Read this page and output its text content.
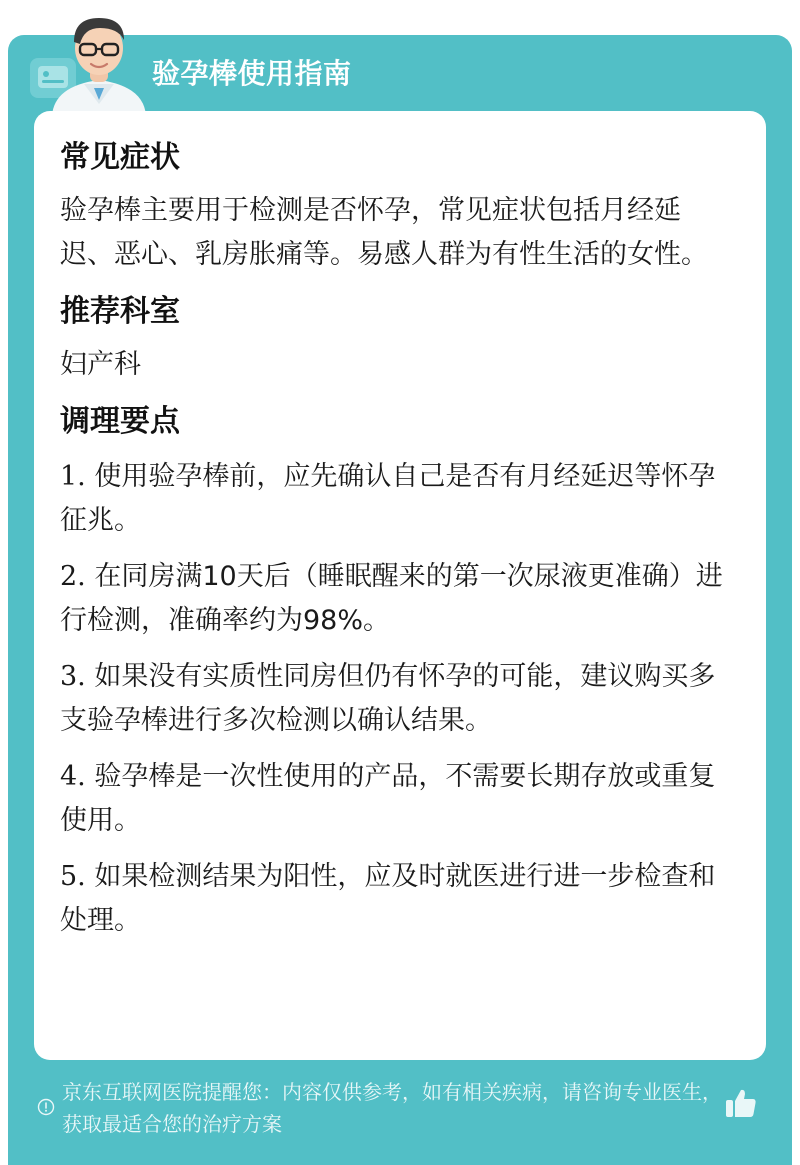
验孕棒使用指南
常见症状

验孕棒主要用于检测是否怀孕，常见症状包括月经延迟、恶心、乳房胀痛等。易感人群为有性生活的女性。

推荐科室

妇产科

调理要点

1. 使用验孕棒前，应先确认自己是否有月经延迟等怀孕征兆。

2. 在同房满10天后（睡眠醒来的第一次尿液更准确）进行检测，准确率约为98%。

3. 如果没有实质性同房但仍有怀孕的可能，建议购买多支验孕棒进行多次检测以确认结果。

4. 验孕棒是一次性使用的产品，不需要长期存放或重复使用。

5. 如果检测结果为阳性，应及时就医进行进一步检查和处理。

京东互联网医院提醒您：内容仅供参考，如有相关疾病，请咨询专业医生，获取最适合您的治疗方案
